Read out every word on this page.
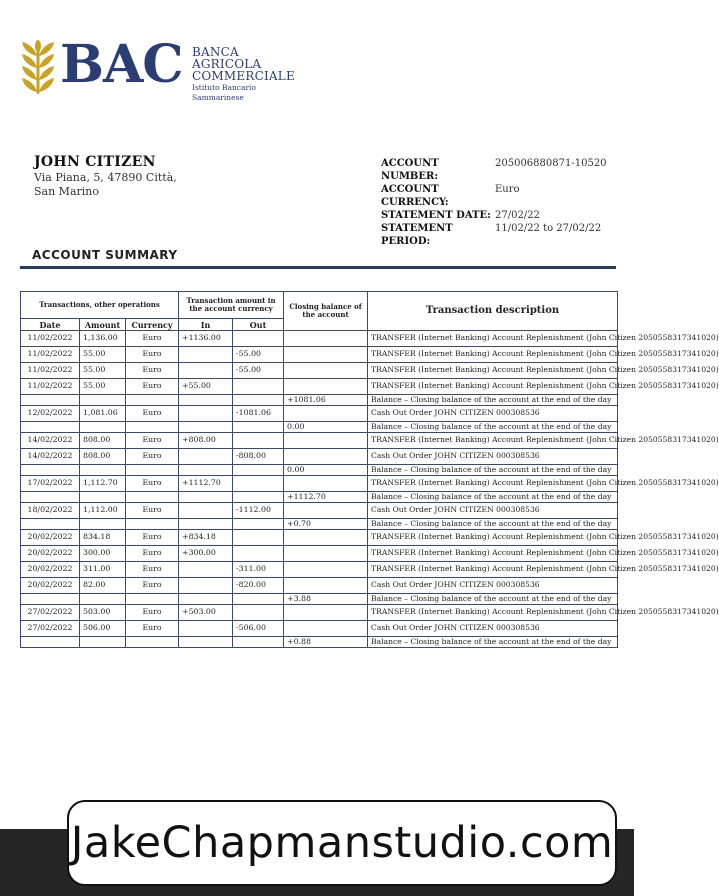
BAC BANCA
AGRICOLA
COMMERCIALE
Istituto Bancario Sammarinese
JOHN CITIZEN
Via Piana, 5, 47890 Città,
San Marino
ACCOUNT NUMBER:
205006880871-10520
ACCOUNT CURRENCY:
Euro
STATEMENT DATE: 27/02/22
STATEMENT PERIOD:
11/02/22 to 27/02/22
ACCOUNT SUMMARY
Transactions, other operations			Transaction amount in the account currency		Closing balance of the account	Transaction description
Date	Amount	Currency	In	Out		
11/02/2022	1,136.00	Euro	+1136.00			TRANSFER (Internet Banking) Account Replenishment (John Citizen 2050558317341020)
11/02/2022	55.00	Euro		-55.00		TRANSFER (Internet Banking) Account Replenishment (John Citizen 2050558317341020)
11/02/2022	55.00	Euro		-55.00		TRANSFER (Internet Banking) Account Replenishment (John Citizen 2050558317341020)
11/02/2022	55.00	Euro	+55.00			TRANSFER (Internet Banking) Account Replenishment (John Citizen 2050558317341020)
					+1081.06	Balance – Closing balance of the account at the end of the day
12/02/2022	1,081.06	Euro		-1081.06		Cash Out Order JOHN CITIZEN 000308536
					0.00	Balance – Closing balance of the account at the end of the day
14/02/2022	808.00	Euro	+808.00			TRANSFER (Internet Banking) Account Replenishment (John Citizen 2050558317341020)
14/02/2022	808.00	Euro		-808.00		Cash Out Order JOHN CITIZEN 000308536
					0.00	Balance – Closing balance of the account at the end of the day
17/02/2022	1,112.70	Euro	+1112.70			TRANSFER (Internet Banking) Account Replenishment (John Citizen 2050558317341020)
					+1112.70	Balance – Closing balance of the account at the end of the day
18/02/2022	1,112.00	Euro		-1112.00		Cash Out Order JOHN CITIZEN 000308536
					+0.70	Balance – Closing balance of the account at the end of the day
20/02/2022	834.18	Euro	+834.18			TRANSFER (Internet Banking) Account Replenishment (John Citizen 2050558317341020)
20/02/2022	300.00	Euro	+300.00			TRANSFER (Internet Banking) Account Replenishment (John Citizen 2050558317341020)
20/02/2022	311.00	Euro		-311.00		TRANSFER (Internet Banking) Account Replenishment (John Citizen 2050558317341020)
20/02/2022	82.00	Euro		-820.00		Cash Out Order JOHN CITIZEN 000308536
					+3.88	Balance – Closing balance of the account at the end of the day
27/02/2022	503.00	Euro	+503.00			TRANSFER (Internet Banking) Account Replenishment (John Citizen 2050558317341020)
27/02/2022	506.00	Euro		-506.00		Cash Out Order JOHN CITIZEN 000308536
					+0.88	Balance – Closing balance of the account at the end of the day
JakeChapmanstudio.com
